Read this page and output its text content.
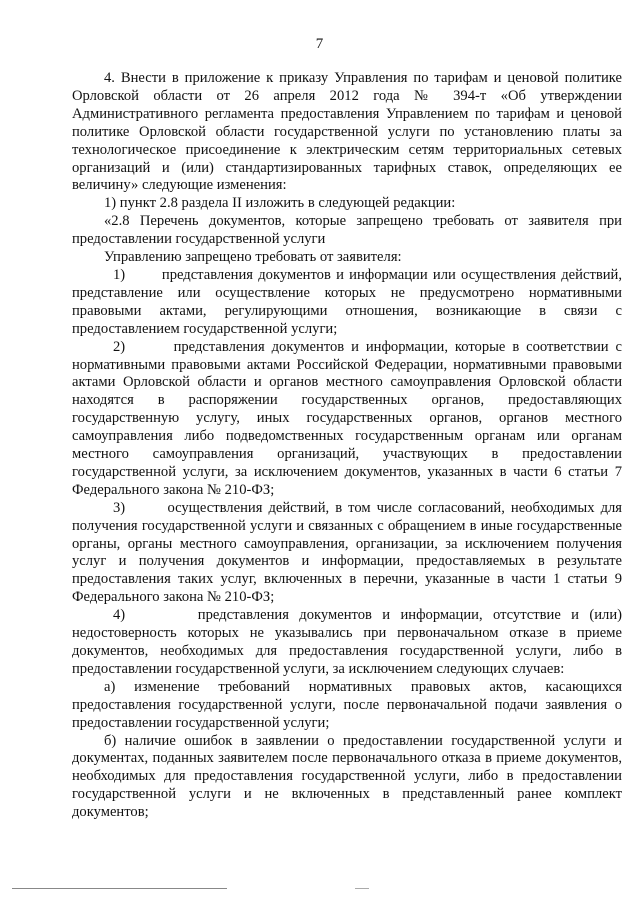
7

4. Внести в приложение к приказу Управления по тарифам и ценовой политике Орловской области от 26 апреля 2012 года № 394-т «Об утверждении Административного регламента предоставления Управлением по тарифам и ценовой политике Орловской области государственной услуги по установлению платы за технологическое присоединение к электрическим сетям территориальных сетевых организаций и (или) стандартизированных тарифных ставок, определяющих ее величину» следующие изменения:

1) пункт 2.8 раздела II изложить в следующей редакции:

«2.8 Перечень документов, которые запрещено требовать от заявителя при предоставлении государственной услуги

Управлению запрещено требовать от заявителя:

1)       представления документов и информации или осуществления действий, представление или осуществление которых не предусмотрено нормативными правовыми актами, регулирующими отношения, возникающие в связи с предоставлением государственной услуги;

2)       представления документов и информации, которые в соответствии с нормативными правовыми актами Российской Федерации, нормативными правовыми актами Орловской области и органов местного самоуправления Орловской области находятся в распоряжении государственных органов, предоставляющих государственную услугу, иных государственных органов, органов местного самоуправления либо подведомственных государственным органам или органам местного самоуправления организаций, участвующих в предоставлении государственной услуги, за исключением документов, указанных в части 6 статьи 7 Федерального закона № 210-ФЗ;

3)       осуществления действий, в том числе согласований, необходимых для получения государственной услуги и связанных с обращением в иные государственные органы, органы местного самоуправления, организации, за исключением получения услуг и получения документов и информации, предоставляемых в результате предоставления таких услуг, включенных в перечни, указанные в части 1 статьи 9 Федерального закона № 210-ФЗ;

4)       представления документов и информации, отсутствие и (или) недостоверность которых не указывались при первоначальном отказе в приеме документов, необходимых для предоставления государственной услуги, либо в предоставлении государственной услуги, за исключением следующих случаев:

а) изменение требований нормативных правовых актов, касающихся предоставления государственной услуги, после первоначальной подачи заявления о предоставлении государственной услуги;

б) наличие ошибок в заявлении о предоставлении государственной услуги и документах, поданных заявителем после первоначального отказа в приеме документов, необходимых для предоставления государственной услуги, либо в предоставлении государственной услуги и не включенных в представленный ранее комплект документов;
